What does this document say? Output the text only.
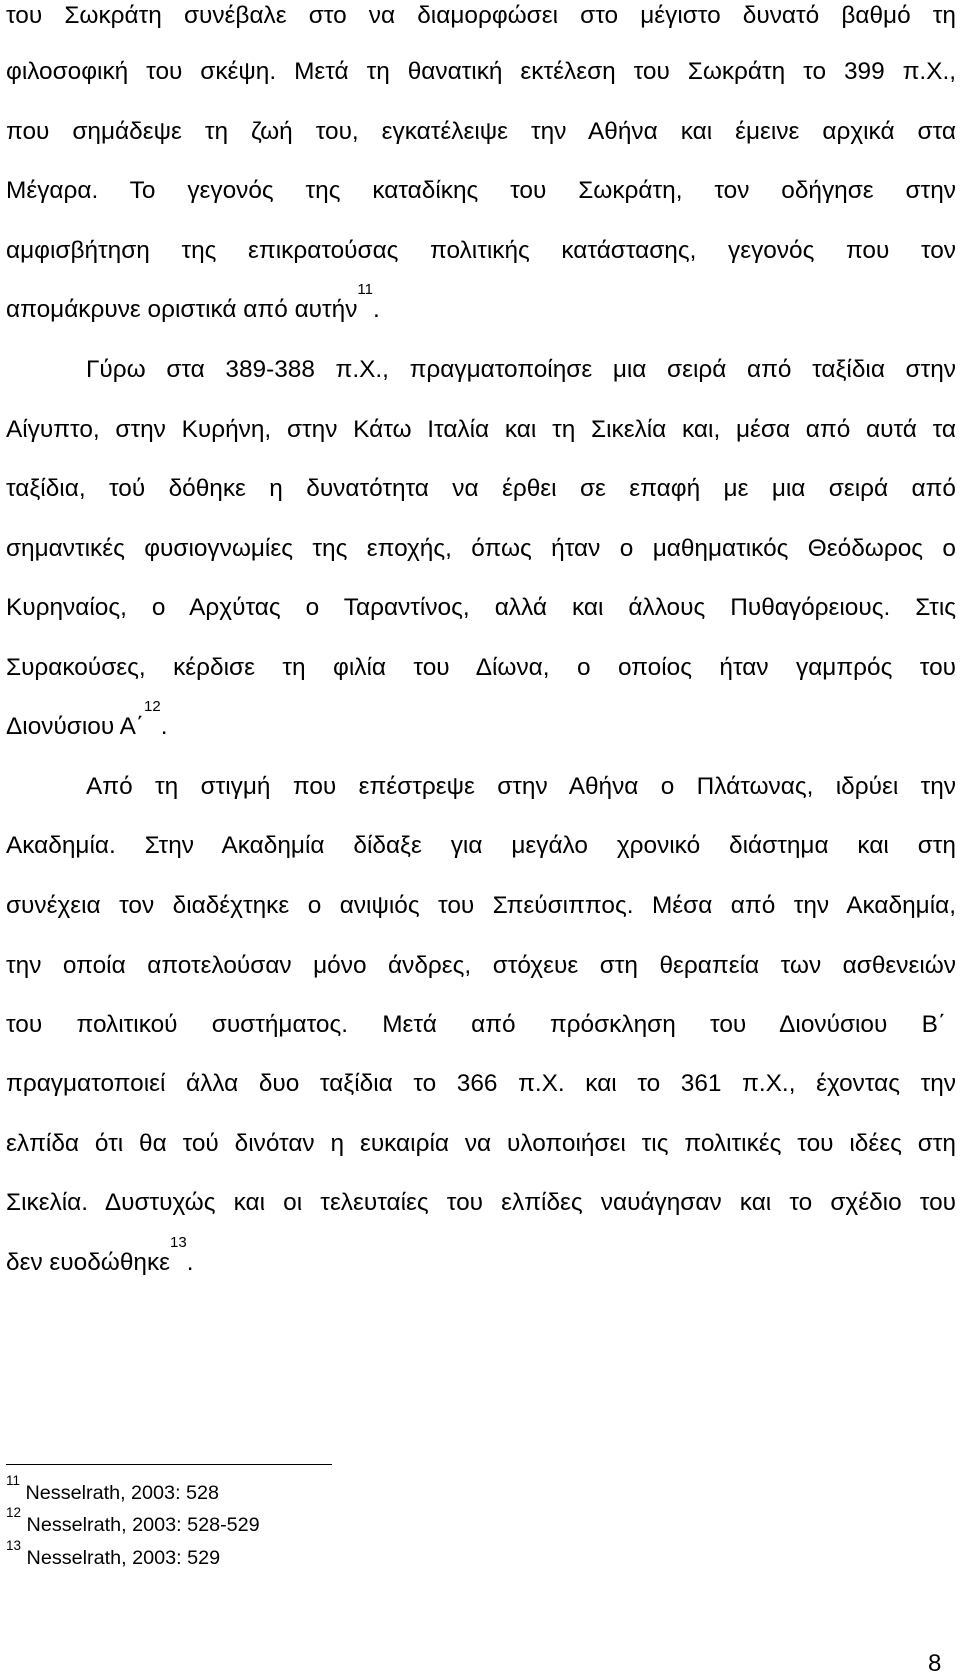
του Σωκράτη συνέβαλε στο να διαμορφώσει στο μέγιστο δυνατό βαθμό τη
φιλοσοφική του σκέψη. Μετά τη θανατική εκτέλεση του Σωκράτη το 399 π.Χ.,
που σημάδεψε τη ζωή του, εγκατέλειψε την Αθήνα και έμεινε αρχικά στα
Μέγαρα. Το γεγονός της καταδίκης του Σωκράτη, τον οδήγησε στην
αμφισβήτηση της επικρατούσας πολιτικής κατάστασης, γεγονός που τον
απομάκρυνε οριστικά από αυτήν$^{11}$.
Γύρω στα 389-388 π.Χ., πραγματοποίησε μια σειρά από ταξίδια στην
Αίγυπτο, στην Κυρήνη, στην Κάτω Ιταλία και τη Σικελία και, μέσα από αυτά τα
ταξίδια, τού δόθηκε η δυνατότητα να έρθει σε επαφή με μια σειρά από
σημαντικές φυσιογνωμίες της εποχής, όπως ήταν ο μαθηματικός Θεόδωρος ο
Κυρηναίος, ο Αρχύτας ο Ταραντίνος, αλλά και άλλους Πυθαγόρειους. Στις
Συρακούσες, κέρδισε τη φιλία του Δίωνα, ο οποίος ήταν γαμπρός του
Διονύσιου Α΄$^{12}$.
Από τη στιγμή που επέστρεψε στην Αθήνα ο Πλάτωνας, ιδρύει την
Ακαδημία. Στην Ακαδημία δίδαξε για μεγάλο χρονικό διάστημα και στη
συνέχεια τον διαδέχτηκε ο ανιψιός του Σπεύσιππος. Μέσα από την Ακαδημία,
την οποία αποτελούσαν μόνο άνδρες, στόχευε στη θεραπεία των ασθενειών
του πολιτικού συστήματος. Μετά από πρόσκληση του Διονύσιου Β΄
πραγματοποιεί άλλα δυο ταξίδια το 366 π.Χ. και το 361 π.Χ., έχοντας την
ελπίδα ότι θα τού δινόταν η ευκαιρία να υλοποιήσει τις πολιτικές του ιδέες στη
Σικελία. Δυστυχώς και οι τελευταίες του ελπίδες ναυάγησαν και το σχέδιο του
δεν ευοδώθηκε$^{13}$.
$^{11}$ Nesselrath, 2003: 528
$^{12}$ Nesselrath, 2003: 528-529
$^{13}$ Nesselrath, 2003: 529
8
